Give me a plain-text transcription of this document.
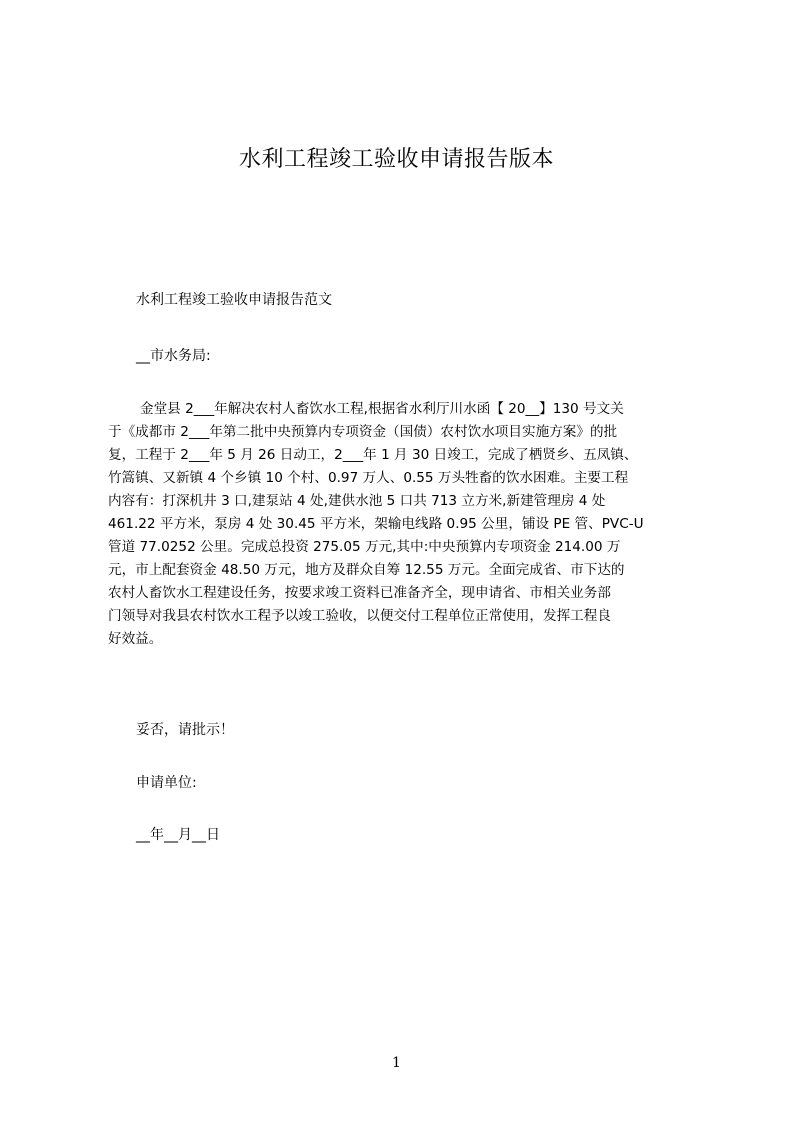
水利工程竣工验收申请报告版本
水利工程竣工验收申请报告范文
__市水务局:
金堂县 2___年解决农村人畜饮水工程,根据省水利厅川水函【 20__】130 号文关
于《成都市 2___年第二批中央预算内专项资金（国债）农村饮水项目实施方案》的批
复，工程于 2___年 5 月 26 日动工，2___年 1 月 30 日竣工，完成了栖贤乡、五凤镇、
竹篙镇、又新镇 4 个乡镇 10 个村、0.97 万人、0.55 万头牲畜的饮水困难。主要工程
内容有：打深机井 3 口,建泵站 4 处,建供水池 5 口共 713 立方米,新建管理房 4 处
461.22 平方米，泵房 4 处 30.45 平方米，架输电线路 0.95 公里，铺设 PE 管、PVC-U
管道 77.0252 公里。完成总投资 275.05 万元,其中:中央预算内专项资金 214.00 万
元，市上配套资金 48.50 万元，地方及群众自筹 12.55 万元。全面完成省、市下达的
农村人畜饮水工程建设任务，按要求竣工资料已准备齐全，现申请省、市相关业务部
门领导对我县农村饮水工程予以竣工验收，以便交付工程单位正常使用，发挥工程良
好效益。
妥否，请批示！
申请单位:
__年__月__日
1
